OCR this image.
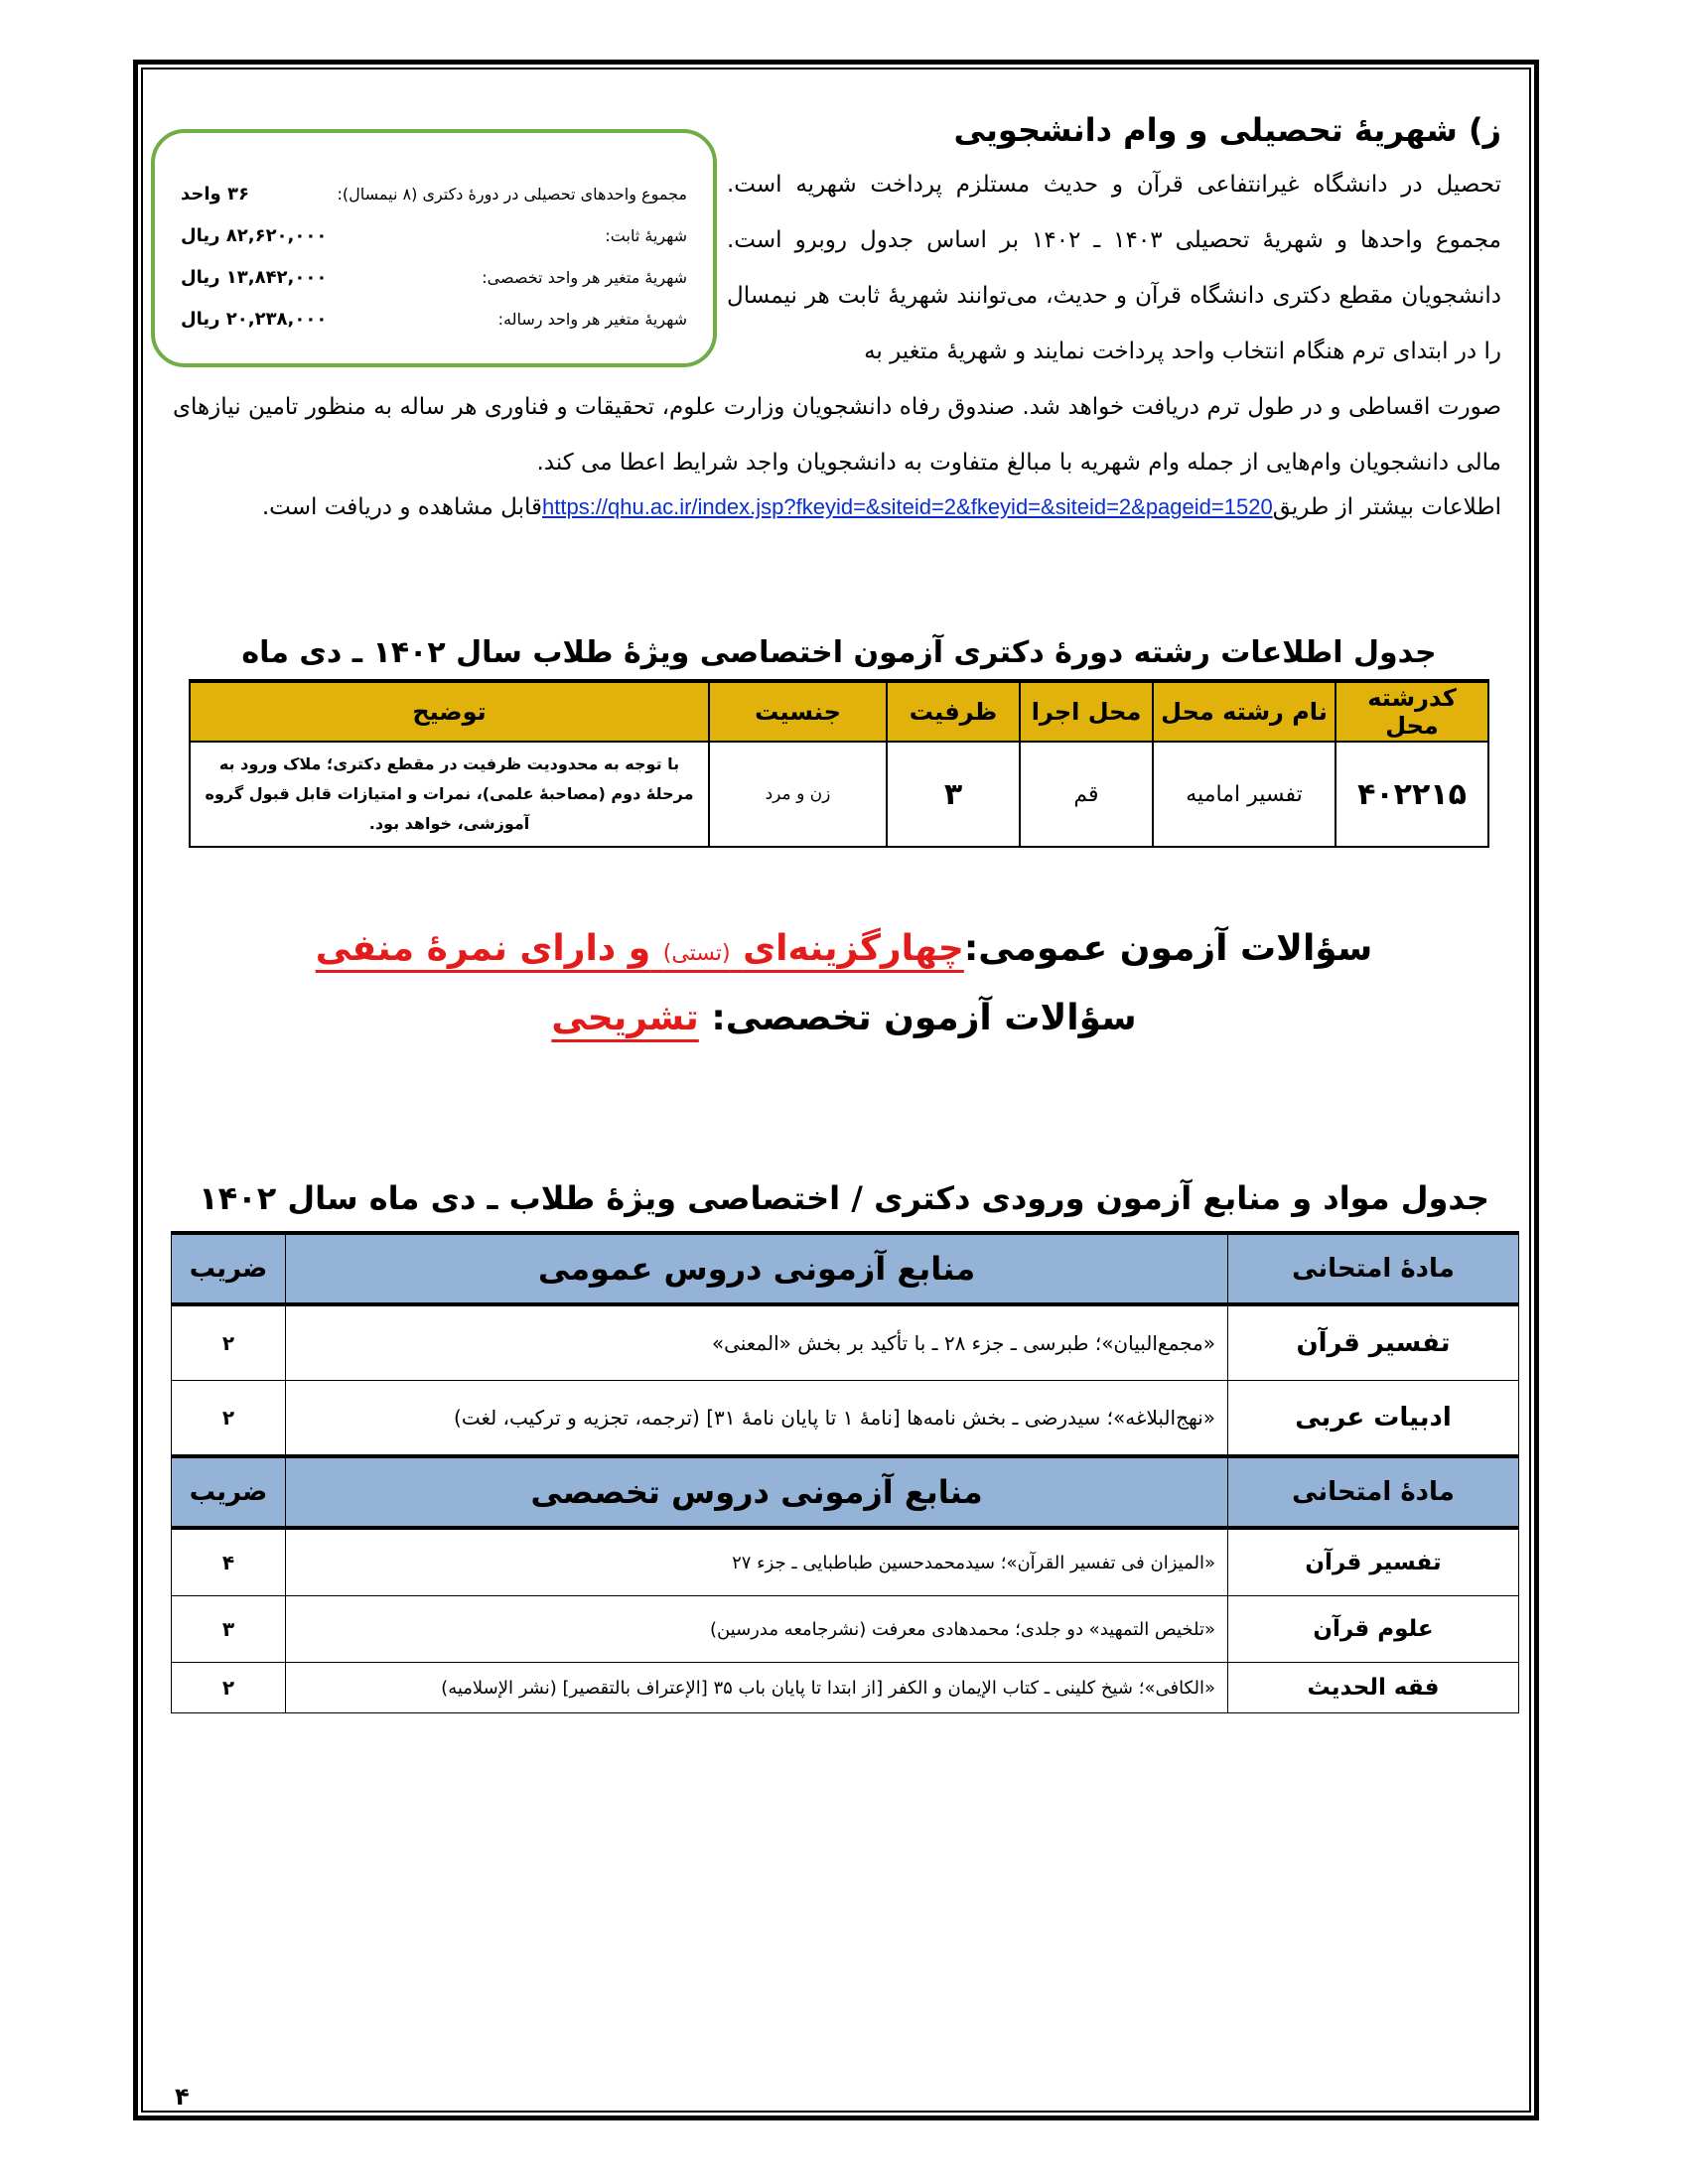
ز) شهریهٔ تحصیلی و وام دانشجویی
مجموع واحدهای تحصیلی در دورهٔ دکتری (۸ نیمسال):
۳۶ واحد
شهریهٔ ثابت:
۸۲,۶۲۰,۰۰۰ ریال
شهریهٔ متغیر هر واحد تخصصی:
۱۳,۸۴۲,۰۰۰ ریال
شهریهٔ متغیر هر واحد رساله:
۲۰,۲۳۸,۰۰۰ ریال
تحصیل در دانشگاه غیرانتفاعی قرآن و حدیث مستلزم پرداخت شهریه است. مجموع واحدها و شهریهٔ تحصیلی ۱۴۰۳ ـ ۱۴۰۲ بر اساس جدول روبرو است. دانشجویان مقطع دکتری دانشگاه قرآن و حدیث، می‌توانند شهریهٔ ثابت هر نیمسال را در ابتدای ترم هنگام انتخاب واحد پرداخت نمایند و شهریهٔ متغیر به
صورت اقساطی و در طول ترم دریافت خواهد شد. صندوق رفاه دانشجویان وزارت علوم، تحقیقات و فناوری هر ساله به منظور تامین نیازهای مالی دانشجویان وام‌هایی از جمله وام شهریه با مبالغ متفاوت به دانشجویان واجد شرایط اعطا می کند.
اطلاعات بیشتر از طریقhttps://qhu.ac.ir/index.jsp?fkeyid=&siteid=2&fkeyid=&siteid=2&pageid=1520قابل مشاهده و دریافت است.
جدول اطلاعات رشته دورهٔ دکتری آزمون اختصاصی ویژهٔ طلاب سال ۱۴۰۲ ـ دی ماه
کدرشته محل	نام رشته محل	محل اجرا	ظرفیت	جنسیت	توضیح
۴۰۲۲۱۵	تفسیر امامیه	قم	۳	زن و مرد	با توجه به محدودیت ظرفیت در مقطع دکتری؛ ملاک ورود به مرحلهٔ دوم (مصاحبهٔ علمی)، نمرات و امتیازات قابل قبول گروه آموزشی، خواهد بود.
سؤالات آزمون عمومی:چهارگزینه‌ای (تستی) و دارای نمرهٔ منفی
سؤالات آزمون تخصصی: تشریحی
جدول مواد و منابع آزمون ورودی دکتری / اختصاصی ویژهٔ طلاب ـ دی ماه سال ۱۴۰۲
مادهٔ امتحانی	منابع آزمونی دروس عمومی	ضریب
تفسیر قرآن	«مجمع‌البیان»؛ طبرسی ـ جزء ۲۸ ـ با تأکید بر بخش «المعنی»	۲
ادبیات عربی	«نهج‌البلاغه»؛ سیدرضی ـ بخش نامه‌ها [نامهٔ ۱ تا پایان نامهٔ ۳۱] (ترجمه، تجزیه و ترکیب، لغت)	۲
مادهٔ امتحانی	منابع آزمونی دروس تخصصی	ضریب
تفسیر قرآن	«المیزان فی تفسیر القرآن»؛ سیدمحمدحسین طباطبایی ـ جزء ۲۷	۴
علوم قرآن	«تلخیص التمهید» دو جلدی؛ محمدهادی معرفت (نشرجامعه مدرسین)	۳
فقه الحدیث	«الکافی»؛ شیخ کلینی ـ کتاب الإیمان و الکفر [از ابتدا تا پایان باب ۳۵ [الإعتراف بالتقصیر] (نشر الإسلامیه)	۲
۴
